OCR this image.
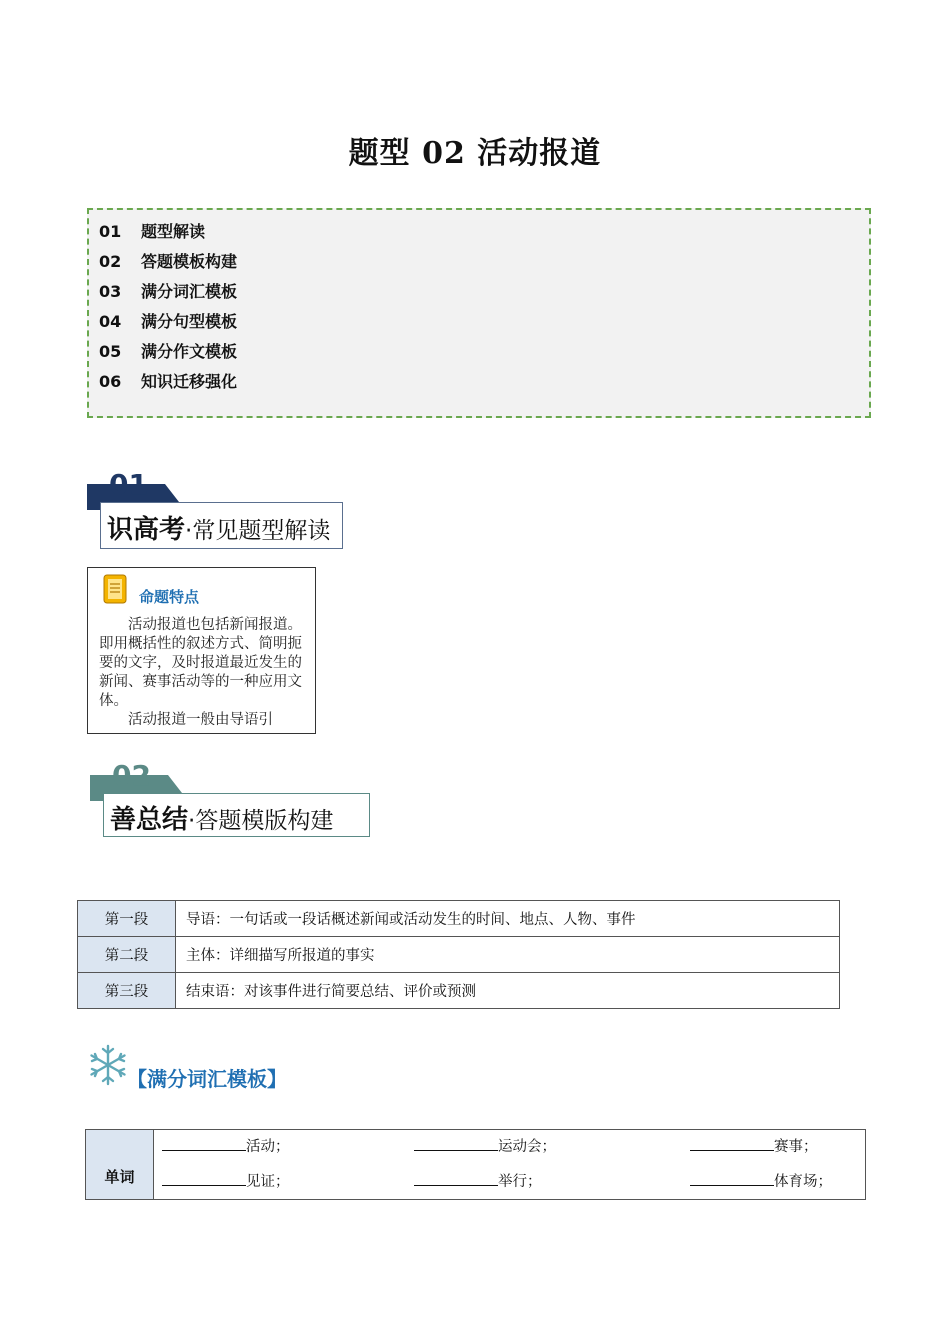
题型 02 活动报道
01 题型解读
02 答题模板构建
03 满分词汇模板
04 满分句型模板
05 满分作文模板
06 知识迁移强化
01
识高考·常见题型解读
命题特点

活动报道也包括新闻报道。即用概括性的叙述方式、简明扼要的文字，及时报道最近发生的新闻、赛事活动等的一种应用文体。

活动报道一般由导语引

02
善总结·答题模版构建
第一段	导语：一句话或一段话概述新闻或活动发生的时间、地点、人物、事件
第二段	主体：详细描写所报道的事实
第三段	结束语：对该事件进行简要总结、评价或预测
【满分词汇模板】
单词
活动；	运动会；	赛事；
见证；	举行；	体育场；
